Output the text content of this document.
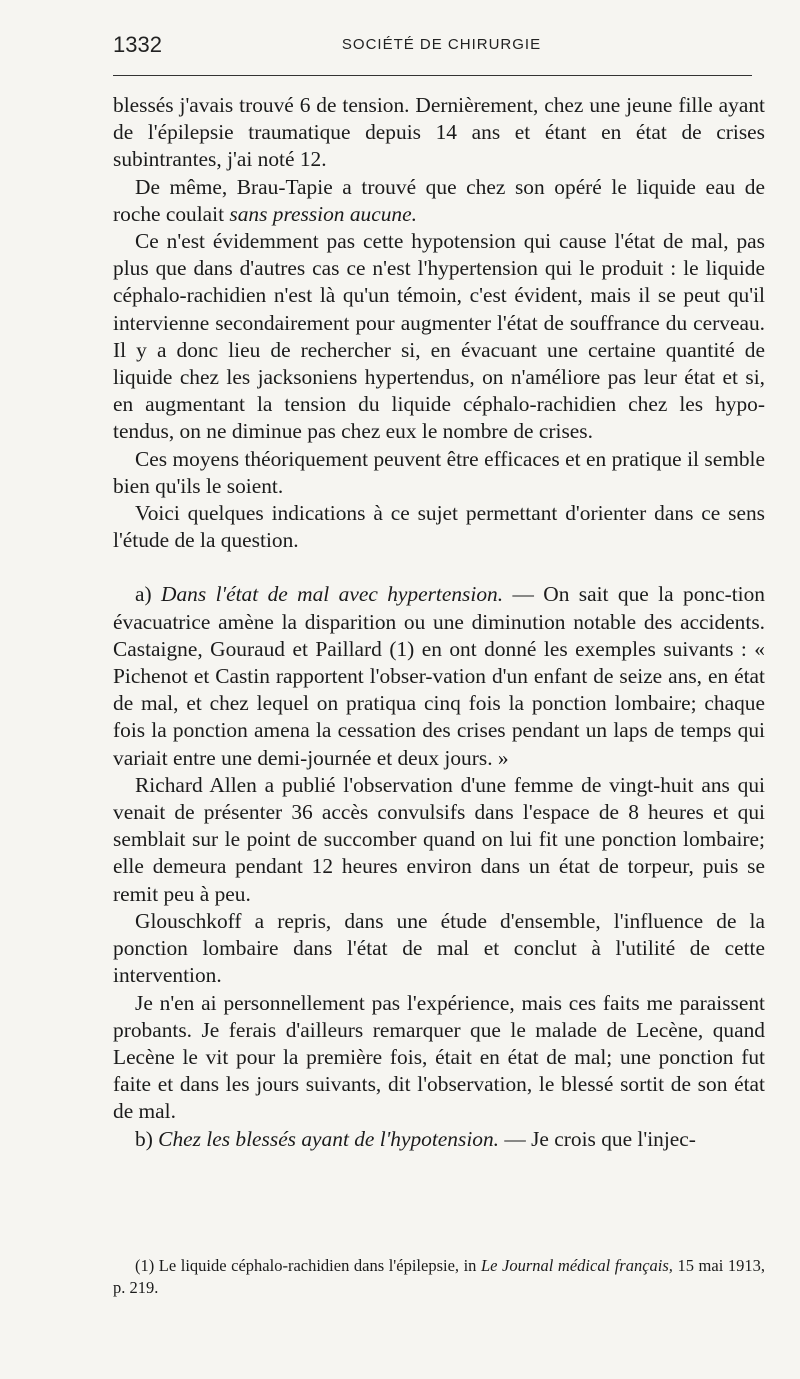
1332	SOCIÉTÉ DE CHIRURGIE

blessés j'avais trouvé 6 de tension. Dernièrement, chez une jeune fille ayant de l'épilepsie traumatique depuis 14 ans et étant en état de crises subintrantes, j'ai noté 12.

De même, Brau-Tapie a trouvé que chez son opéré le liquide eau de roche coulait sans pression aucune.

Ce n'est évidemment pas cette hypotension qui cause l'état de mal, pas plus que dans d'autres cas ce n'est l'hypertension qui le produit : le liquide céphalo-rachidien n'est là qu'un témoin, c'est évident, mais il se peut qu'il intervienne secondairement pour augmenter l'état de souffrance du cerveau. Il y a donc lieu de rechercher si, en évacuant une certaine quantité de liquide chez les jacksoniens hypertendus, on n'améliore pas leur état et si, en augmentant la tension du liquide céphalo-rachidien chez les hypo-tendus, on ne diminue pas chez eux le nombre de crises.

Ces moyens théoriquement peuvent être efficaces et en pratique il semble bien qu'ils le soient.

Voici quelques indications à ce sujet permettant d'orienter dans ce sens l'étude de la question.

a) Dans l'état de mal avec hypertension. — On sait que la ponc-tion évacuatrice amène la disparition ou une diminution notable des accidents. Castaigne, Gouraud et Paillard (1) en ont donné les exemples suivants : « Pichenot et Castin rapportent l'obser-vation d'un enfant de seize ans, en état de mal, et chez lequel on pratiqua cinq fois la ponction lombaire; chaque fois la ponction amena la cessation des crises pendant un laps de temps qui variait entre une demi-journée et deux jours. »

Richard Allen a publié l'observation d'une femme de vingt-huit ans qui venait de présenter 36 accès convulsifs dans l'espace de 8 heures et qui semblait sur le point de succomber quand on lui fit une ponction lombaire; elle demeura pendant 12 heures environ dans un état de torpeur, puis se remit peu à peu.

Glouschkoff a repris, dans une étude d'ensemble, l'influence de la ponction lombaire dans l'état de mal et conclut à l'utilité de cette intervention.

Je n'en ai personnellement pas l'expérience, mais ces faits me paraissent probants. Je ferais d'ailleurs remarquer que le malade de Lecène, quand Lecène le vit pour la première fois, était en état de mal; une ponction fut faite et dans les jours suivants, dit l'observation, le blessé sortit de son état de mal.

b) Chez les blessés ayant de l'hypotension. — Je crois que l'injec-

(1) Le liquide céphalo-rachidien dans l'épilepsie, in Le Journal médical français, 15 mai 1913, p. 219.
